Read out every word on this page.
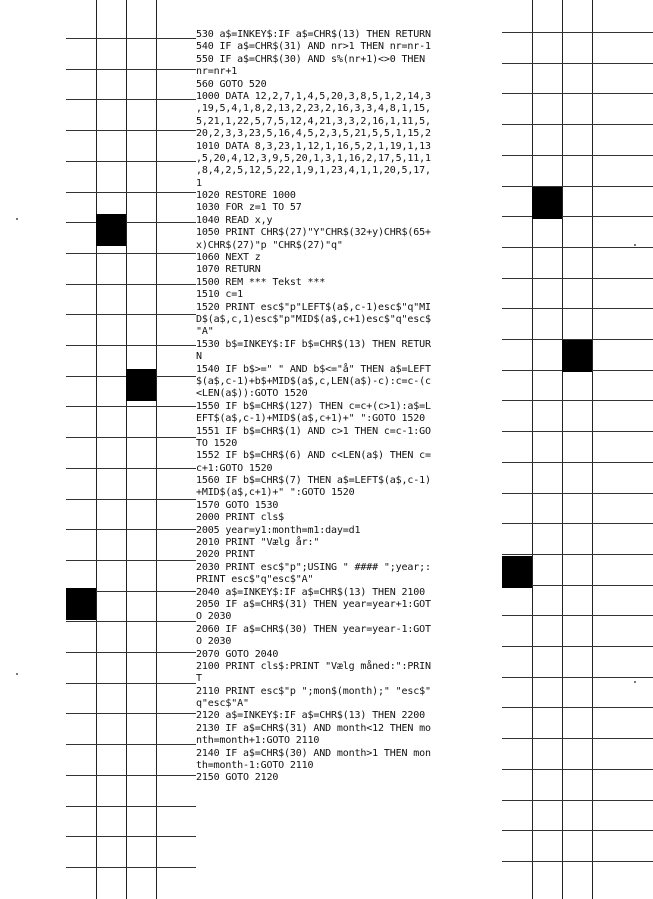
530 a$=INKEY$:IF a$=CHR$(13) THEN RETURN
540 IF a$=CHR$(31) AND nr>1 THEN nr=nr-1
550 IF a$=CHR$(30) AND s%(nr+1)<>0 THEN
nr=nr+1
560 GOTO 520
1000 DATA 12,2,7,1,4,5,20,3,8,5,1,2,14,3
,19,5,4,1,8,2,13,2,23,2,16,3,3,4,8,1,15,
5,21,1,22,5,7,5,12,4,21,3,3,2,16,1,11,5,
20,2,3,3,23,5,16,4,5,2,3,5,21,5,5,1,15,2
1010 DATA 8,3,23,1,12,1,16,5,2,1,19,1,13
,5,20,4,12,3,9,5,20,1,3,1,16,2,17,5,11,1
,8,4,2,5,12,5,22,1,9,1,23,4,1,1,20,5,17,
1
1020 RESTORE 1000
1030 FOR z=1 TO 57
1040 READ x,y
1050 PRINT CHR$(27)"Y"CHR$(32+y)CHR$(65+
x)CHR$(27)"p "CHR$(27)"q"
1060 NEXT z
1070 RETURN
1500 REM *** Tekst ***
1510 c=1
1520 PRINT esc$"p"LEFT$(a$,c-1)esc$"q"MI
D$(a$,c,1)esc$"p"MID$(a$,c+1)esc$"q"esc$
"A"
1530 b$=INKEY$:IF b$=CHR$(13) THEN RETUR
N
1540 IF b$>=" " AND b$<="å" THEN a$=LEFT
$(a$,c-1)+b$+MID$(a$,c,LEN(a$)-c):c=c-(c
<LEN(a$)):GOTO 1520
1550 IF b$=CHR$(127) THEN c=c+(c>1):a$=L
EFT$(a$,c-1)+MID$(a$,c+1)+" ":GOTO 1520
1551 IF b$=CHR$(1) AND c>1 THEN c=c-1:GO
TO 1520
1552 IF b$=CHR$(6) AND c<LEN(a$) THEN c=
c+1:GOTO 1520
1560 IF b$=CHR$(7) THEN a$=LEFT$(a$,c-1)
+MID$(a$,c+1)+" ":GOTO 1520
1570 GOTO 1530
2000 PRINT cls$
2005 year=y1:month=m1:day=d1
2010 PRINT "Vælg år:"
2020 PRINT
2030 PRINT esc$"p";USING " #### ";year;:
PRINT esc$"q"esc$"A"
2040 a$=INKEY$:IF a$=CHR$(13) THEN 2100
2050 IF a$=CHR$(31) THEN year=year+1:GOT
O 2030
2060 IF a$=CHR$(30) THEN year=year-1:GOT
O 2030
2070 GOTO 2040
2100 PRINT cls$:PRINT "Vælg måned:":PRIN
T
2110 PRINT esc$"p ";mon$(month);" "esc$"
q"esc$"A"
2120 a$=INKEY$:IF a$=CHR$(13) THEN 2200
2130 IF a$=CHR$(31) AND month<12 THEN mo
nth=month+1:GOTO 2110
2140 IF a$=CHR$(30) AND month>1 THEN mon
th=month-1:GOTO 2110
2150 GOTO 2120
